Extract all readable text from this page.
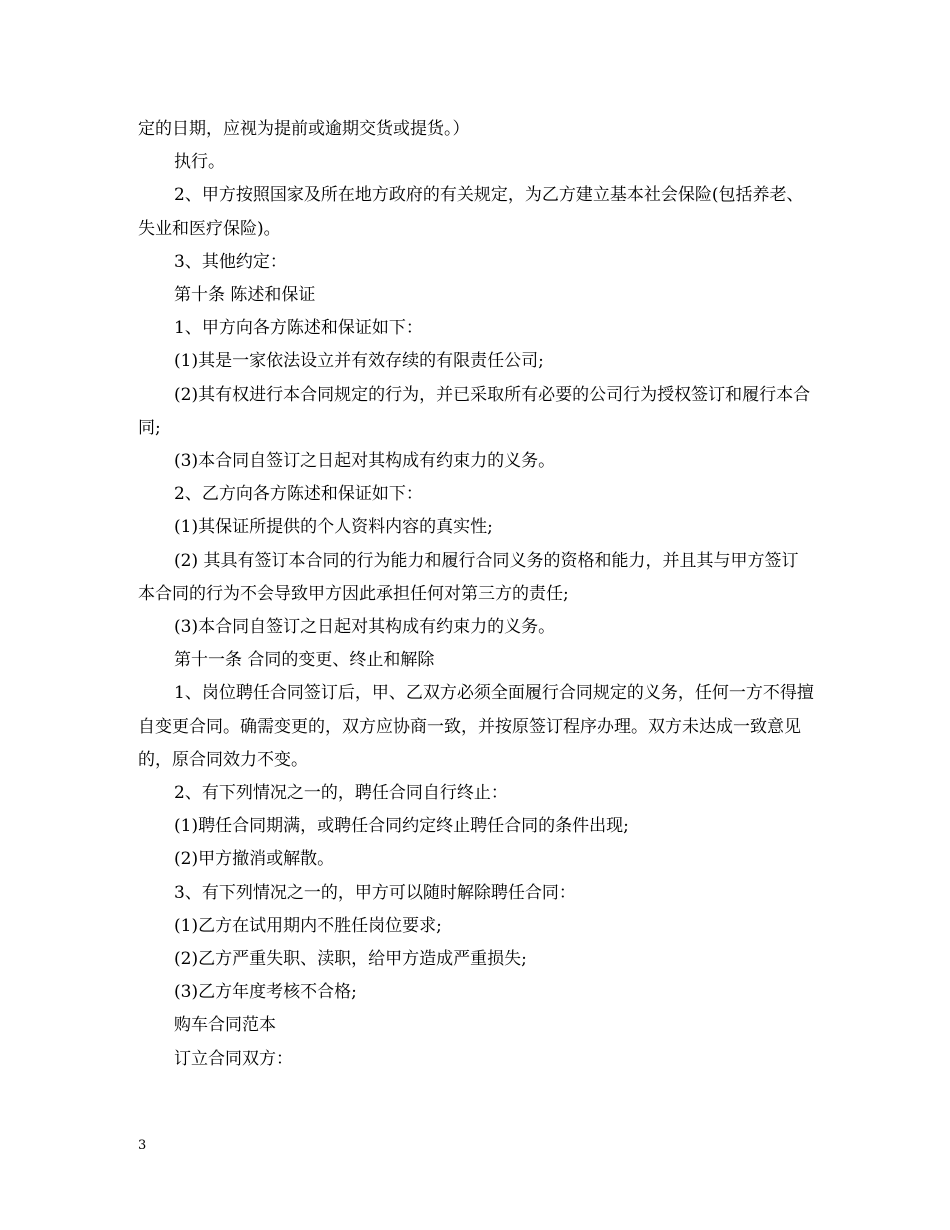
定的日期，应视为提前或逾期交货或提货。）

执行。

2、甲方按照国家及所在地方政府的有关规定，为乙方建立基本社会保险(包括养老、失业和医疗保险)。

3、其他约定：

第十条 陈述和保证

1、甲方向各方陈述和保证如下：

(1)其是一家依法设立并有效存续的有限责任公司;

(2)其有权进行本合同规定的行为，并已采取所有必要的公司行为授权签订和履行本合同;

(3)本合同自签订之日起对其构成有约束力的义务。

2、乙方向各方陈述和保证如下：

(1)其保证所提供的个人资料内容的真实性;

(2) 其具有签订本合同的行为能力和履行合同义务的资格和能力，并且其与甲方签订本合同的行为不会导致甲方因此承担任何对第三方的责任;

(3)本合同自签订之日起对其构成有约束力的义务。

第十一条 合同的变更、终止和解除

1、岗位聘任合同签订后，甲、乙双方必须全面履行合同规定的义务，任何一方不得擅自变更合同。确需变更的，双方应协商一致，并按原签订程序办理。双方未达成一致意见的，原合同效力不变。

2、有下列情况之一的，聘任合同自行终止：

(1)聘任合同期满，或聘任合同约定终止聘任合同的条件出现;

(2)甲方撤消或解散。

3、有下列情况之一的，甲方可以随时解除聘任合同：

(1)乙方在试用期内不胜任岗位要求;

(2)乙方严重失职、渎职，给甲方造成严重损失;

(3)乙方年度考核不合格;

购车合同范本

订立合同双方：

3
